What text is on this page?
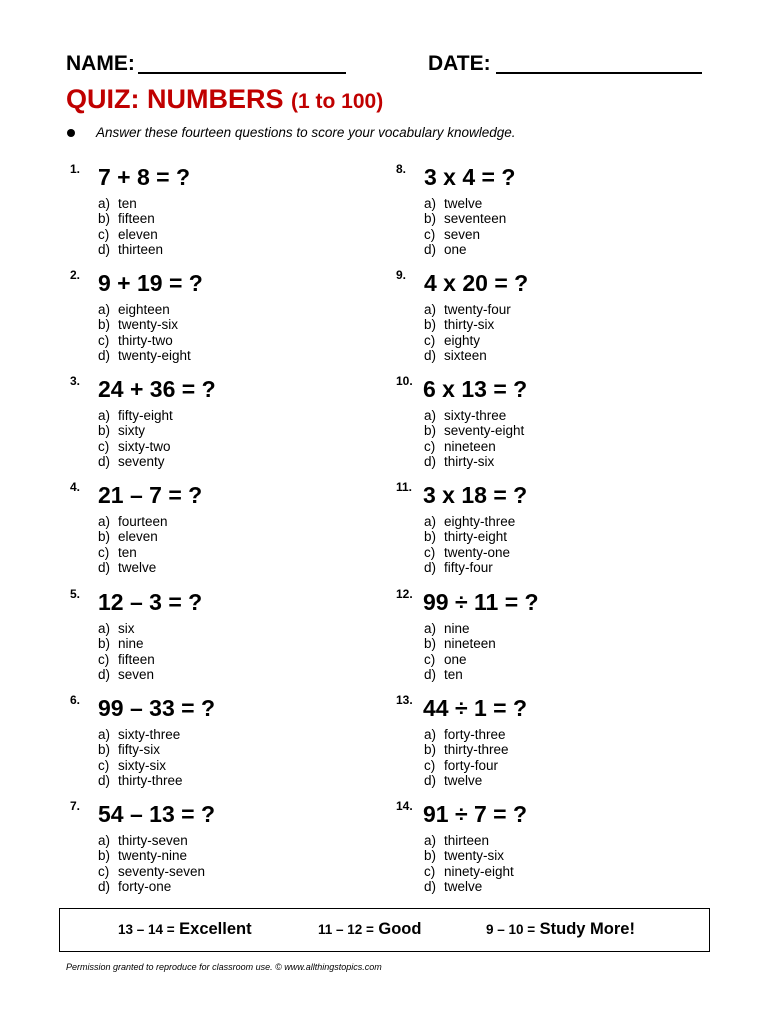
NAME:	DATE:
QUIZ: NUMBERS (1 to 100)
Answer these fourteen questions to score your vocabulary knowledge.
1. 7 + 8 = ?
a) ten
b) fifteen
c) eleven
d) thirteen
2. 9 + 19 = ?
a) eighteen
b) twenty-six
c) thirty-two
d) twenty-eight
3. 24 + 36 = ?
a) fifty-eight
b) sixty
c) sixty-two
d) seventy
4. 21 – 7 = ?
a) fourteen
b) eleven
c) ten
d) twelve
5. 12 – 3 = ?
a) six
b) nine
c) fifteen
d) seven
6. 99 – 33 = ?
a) sixty-three
b) fifty-six
c) sixty-six
d) thirty-three
7. 54 – 13 = ?
a) thirty-seven
b) twenty-nine
c) seventy-seven
d) forty-one
8. 3 x 4 = ?
a) twelve
b) seventeen
c) seven
d) one
9. 4 x 20 = ?
a) twenty-four
b) thirty-six
c) eighty
d) sixteen
10. 6 x 13 = ?
a) sixty-three
b) seventy-eight
c) nineteen
d) thirty-six
11. 3 x 18 = ?
a) eighty-three
b) thirty-eight
c) twenty-one
d) fifty-four
12. 99 ÷ 11 = ?
a) nine
b) nineteen
c) one
d) ten
13. 44 ÷ 1 = ?
a) forty-three
b) thirty-three
c) forty-four
d) twelve
14. 91 ÷ 7 = ?
a) thirteen
b) twenty-six
c) ninety-eight
d) twelve
13 – 14 = Excellent	11 – 12 = Good	9 – 10 = Study More!
Permission granted to reproduce for classroom use. © www.allthingstopics.com
